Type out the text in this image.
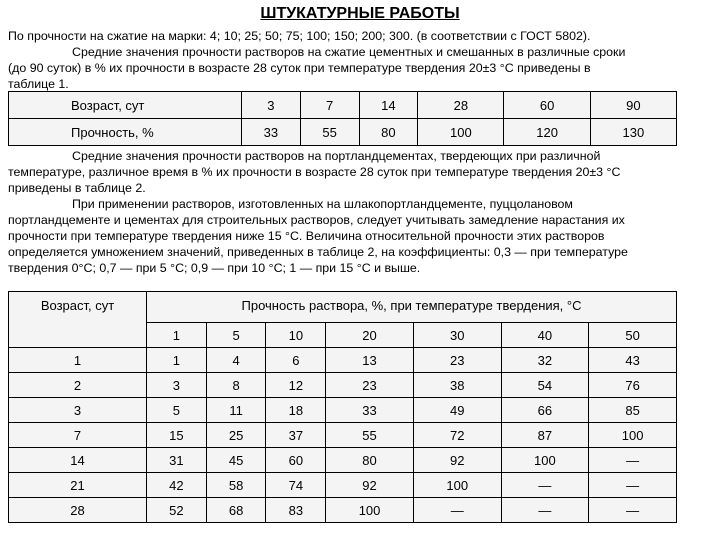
ШТУКАТУРНЫЕ РАБОТЫ
По прочности на сжатие на марки: 4; 10; 25; 50; 75; 100; 150; 200; 300. (в соответствии с ГОСТ 5802).
Средние значения прочности растворов на сжатие цементных и смешанных в различные сроки
(до 90 суток) в % их прочности в возрасте 28 суток при температуре твердения 20±3 °С приведены в
таблице 1.
Возраст, сут	3	7	14	28	60	90
Прочность, %	33	55	80	100	120	130
Средние значения прочности растворов на портландцементах, твердеющих при различной
температуре, различное время в % их прочности в возрасте 28 суток при температуре твердения 20±3 °С
приведены в таблице 2.
При применении растворов, изготовленных на шлакопортландцементе, пуццолановом
портландцементе и цементах для строительных растворов, следует учитывать замедление нарастания их
прочности при температуре твердения ниже 15 °С. Величина относительной прочности этих растворов
определяется умножением значений, приведенных в таблице 2, на коэффициенты: 0,3 — при температуре
твердения 0°С; 0,7 — при 5 °С; 0,9 — при 10 °С; 1 — при 15 °С и выше.
Возраст, сут	Прочность раствора, %, при температуре твердения, °С						
	1	5	10	20	30	40	50
1	1	4	6	13	23	32	43
2	3	8	12	23	38	54	76
3	5	11	18	33	49	66	85
7	15	25	37	55	72	87	100
14	31	45	60	80	92	100	—
21	42	58	74	92	100	—	—
28	52	68	83	100	—	—	—
